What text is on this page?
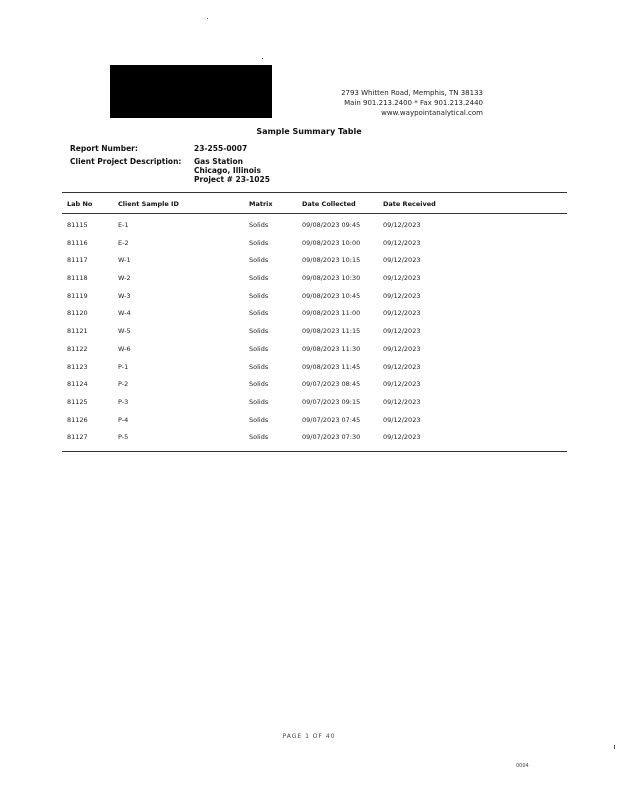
2793 Whitten Road, Memphis, TN 38133
Main 901.213.2400 * Fax 901.213.2440
www.waypointanalytical.com
Sample Summary Table
Report Number:	23-255-0007
Client Project Description: Gas Station
Chicago, Illinois
Project # 23-1025
Lab No	Client Sample ID	Matrix	Date Collected	Date Received
81115	E-1	Solids	09/08/2023 09:45	09/12/2023
81116	E-2	Solids	09/08/2023 10:00	09/12/2023
81117	W-1	Solids	09/08/2023 10:15	09/12/2023
81118	W-2	Solids	09/08/2023 10:30	09/12/2023
81119	W-3	Solids	09/08/2023 10:45	09/12/2023
81120	W-4	Solids	09/08/2023 11:00	09/12/2023
81121	W-5	Solids	09/08/2023 11:15	09/12/2023
81122	W-6	Solids	09/08/2023 11:30	09/12/2023
81123	P-1	Solids	09/08/2023 11:45	09/12/2023
81124	P-2	Solids	09/07/2023 08:45	09/12/2023
81125	P-3	Solids	09/07/2023 09:15	09/12/2023
81126	P-4	Solids	09/07/2023 07:45	09/12/2023
81127	P-5	Solids	09/07/2023 07:30	09/12/2023
PAGE 1 OF 40
0004
